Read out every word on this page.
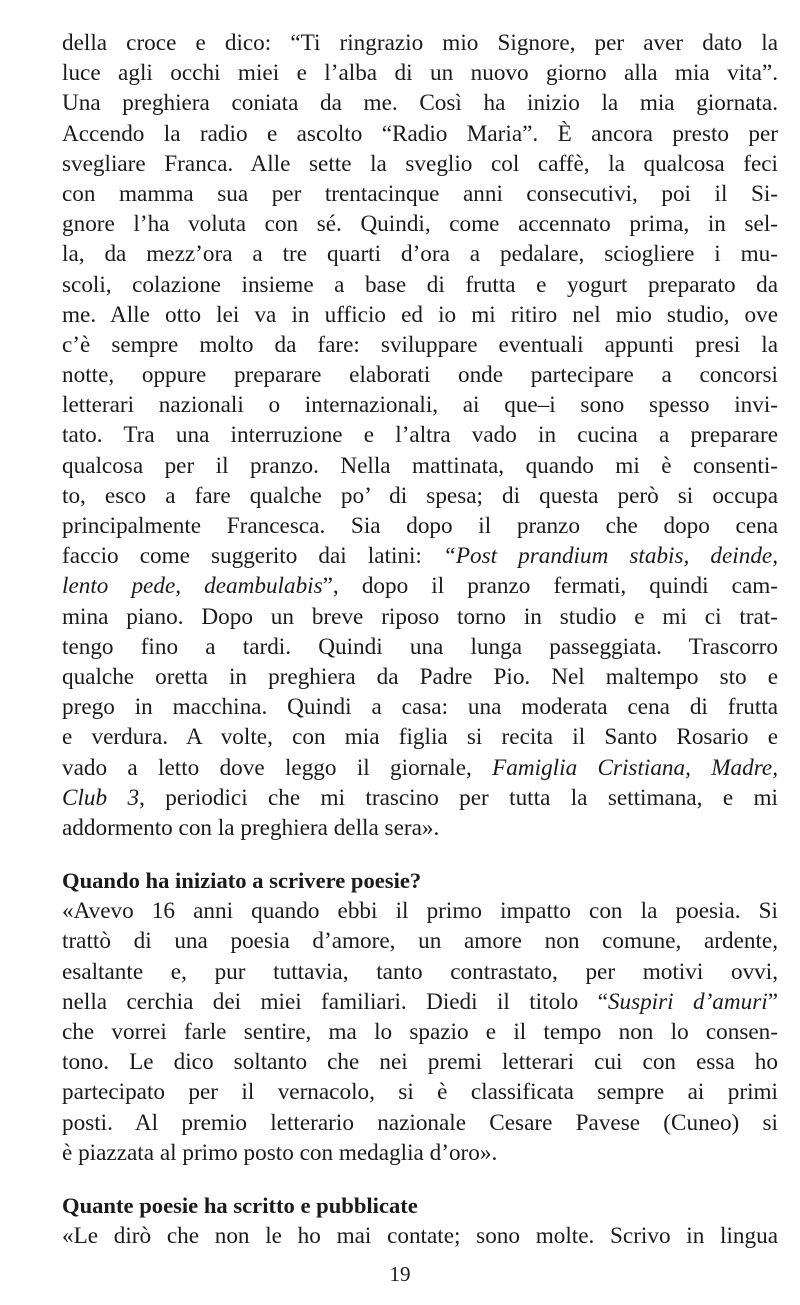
della croce e dico: “Ti ringrazio mio Signore, per aver dato la
luce agli occhi miei e l’alba di un nuovo giorno alla mia vita”.
Una preghiera coniata da me. Così ha inizio la mia giornata.
Accendo la radio e ascolto “Radio Maria”. È ancora presto per
svegliare Franca. Alle sette la sveglio col caffè, la qualcosa feci
con mamma sua per trentacinque anni consecutivi, poi il Si-
gnore l’ha voluta con sé. Quindi, come accennato prima, in sel-
la, da mezz’ora a tre quarti d’ora a pedalare, sciogliere i mu-
scoli, colazione insieme a base di frutta e yogurt preparato da
me. Alle otto lei va in ufficio ed io mi ritiro nel mio studio, ove
c’è sempre molto da fare: sviluppare eventuali appunti presi la
notte, oppure preparare elaborati onde partecipare a concorsi
letterari nazionali o internazionali, ai que–i sono spesso invi-
tato. Tra una interruzione e l’altra vado in cucina a preparare
qualcosa per il pranzo. Nella mattinata, quando mi è consenti-
to, esco a fare qualche po’ di spesa; di questa però si occupa
principalmente Francesca. Sia dopo il pranzo che dopo cena
faccio come suggerito dai latini: “Post prandium stabis, deinde,
lento pede, deambulabis”, dopo il pranzo fermati, quindi cam-
mina piano. Dopo un breve riposo torno in studio e mi ci trat-
tengo fino a tardi. Quindi una lunga passeggiata. Trascorro
qualche oretta in preghiera da Padre Pio. Nel maltempo sto e
prego in macchina. Quindi a casa: una moderata cena di frutta
e verdura. A volte, con mia figlia si recita il Santo Rosario e
vado a letto dove leggo il giornale, Famiglia Cristiana, Madre,
Club 3, periodici che mi trascino per tutta la settimana, e mi
addormento con la preghiera della sera».
Quando ha iniziato a scrivere poesie?
«Avevo 16 anni quando ebbi il primo impatto con la poesia. Si
trattò di una poesia d’amore, un amore non comune, ardente,
esaltante e, pur tuttavia, tanto contrastato, per motivi ovvi,
nella cerchia dei miei familiari. Diedi il titolo “Suspiri d’amuri”
che vorrei farle sentire, ma lo spazio e il tempo non lo consen-
tono. Le dico soltanto che nei premi letterari cui con essa ho
partecipato per il vernacolo, si è classificata sempre ai primi
posti. Al premio letterario nazionale Cesare Pavese (Cuneo) si
è piazzata al primo posto con medaglia d’oro».
Quante poesie ha scritto e pubblicate
«Le dirò che non le ho mai contate; sono molte. Scrivo in lingua
19
